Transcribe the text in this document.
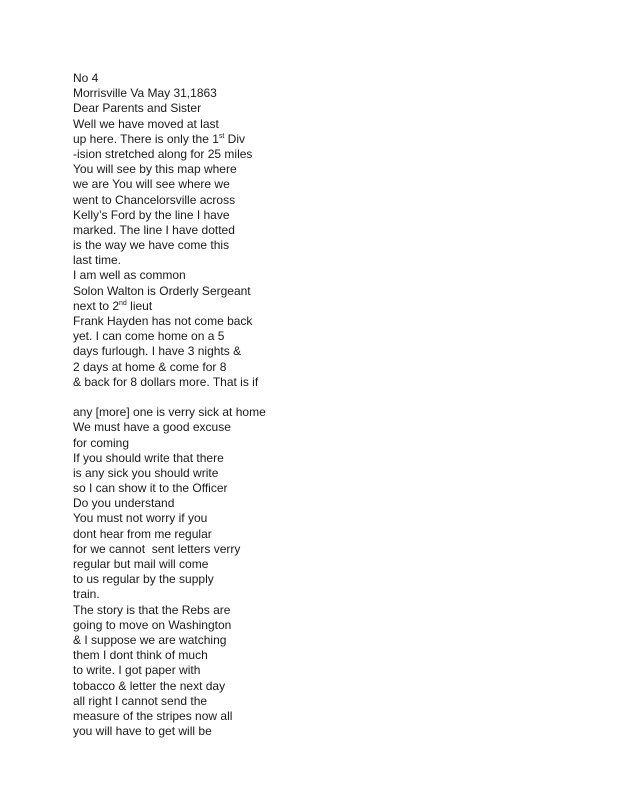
No 4
Morrisville Va May 31,1863
Dear Parents and Sister
Well we have moved at last
up here. There is only the 1st Div
-ision stretched along for 25 miles
You will see by this map where
we are You will see where we
went to Chancelorsville across
Kelly’s Ford by the line I have
marked. The line I have dotted
is the way we have come this
last time.
I am well as common
Solon Walton is Orderly Sergeant
next to 2nd lieut
Frank Hayden has not come back
yet. I can come home on a 5
days furlough. I have 3 nights &
2 days at home & come for 8
& back for 8 dollars more. That is if
any [more] one is verry sick at home
We must have a good excuse
for coming
If you should write that there
is any sick you should write
so I can show it to the Officer
Do you understand
You must not worry if you
dont hear from me regular
for we cannot  sent letters verry
regular but mail will come
to us regular by the supply
train.
The story is that the Rebs are
going to move on Washington
& I suppose we are watching
them I dont think of much
to write. I got paper with
tobacco & letter the next day
all right I cannot send the
measure of the stripes now all
you will have to get will be
